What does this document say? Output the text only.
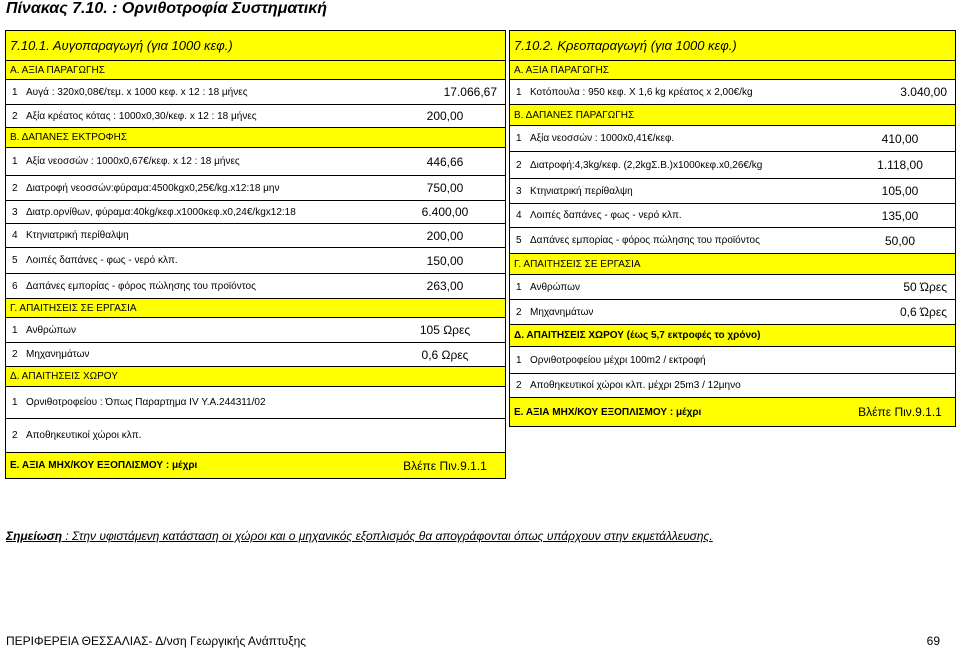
Πίνακας 7.10. : Ορνιθοτροφία Συστηματική
7.10.1. Αυγοπαραγωγή (για 1000 κεφ.)
Α. ΑΞΙΑ ΠΑΡΑΓΩΓΗΣ
1 Αυγά : 320x0,08€/τεμ. x 1000 κεφ. x 12 : 18 μήνες	17.066,67
2 Αξία κρέατος κότας : 1000x0,30/κεφ. x 12 : 18 μήνες	200,00
Β. ΔΑΠΑΝΕΣ ΕΚΤΡΟΦΗΣ
1 Αξία νεοσσών : 1000x0,67€/κεφ. x 12 : 18 μήνες	446,66
2 Διατροφή νεοσσών:φύραμα:4500kgx0,25€/kg.x12:18 μην	750,00
3 Διατρ.ορνίθων, φύραμα:40kg/κεφ.x1000κεφ.x0,24€/kgx12:18	6.400,00
4 Κτηνιατρική περίθαλψη	200,00
5 Λοιπές δαπάνες - φως - νερό κλπ.	150,00
6 Δαπάνες εμπορίας - φόρος πώλησης του προϊόντος	263,00
Γ. ΑΠΑΙΤΗΣΕΙΣ ΣΕ ΕΡΓΑΣΙΑ
1 Ανθρώπων	105 Ωρες
2 Μηχανημάτων	0,6 Ωρες
Δ. ΑΠΑΙΤΗΣΕΙΣ ΧΩΡΟΥ
1 Ορνιθοτροφείου : Όπως Παραρτημα IV Υ.Α.244311/02
2 Αποθηκευτικοί χώροι κλπ.
Ε. ΑΞΙΑ ΜΗΧ/ΚΟΥ ΕΞΟΠΛΙΣΜΟΥ : μέχρι	Βλέπε Πιν.9.1.1
7.10.2. Κρεοπαραγωγή (για 1000 κεφ.)
Α. ΑΞΙΑ ΠΑΡΑΓΩΓΗΣ
1 Κοτόπουλα : 950 κεφ. Χ 1,6 kg κρέατος x 2,00€/kg	3.040,00
Β. ΔΑΠΑΝΕΣ ΠΑΡΑΓΩΓΗΣ
1 Αξία νεοσσών : 1000x0,41€/κεφ.	410,00
2 Διατροφή:4,3kg/κεφ. (2,2kgΣ.Β.)x1000κεφ.x0,26€/kg	1.118,00
3 Κτηνιατρική περίθαλψη	105,00
4 Λοιπές δαπάνες - φως - νερό κλπ.	135,00
5 Δαπάνες εμπορίας - φόρος πώλησης του προϊόντος	50,00
Γ. ΑΠΑΙΤΗΣΕΙΣ ΣΕ ΕΡΓΑΣΙΑ
1 Ανθρώπων	50 Ώρες
2 Μηχανημάτων	0,6 Ώρες
Δ. ΑΠΑΙΤΗΣΕΙΣ ΧΩΡΟΥ (έως 5,7 εκτροφές το χρόνο)
1 Ορνιθοτροφείου μέχρι 100m2 / εκτροφή
2 Αποθηκευτικοί χώροι κλπ. μέχρι 25m3 / 12μηνο
Ε. ΑΞΙΑ ΜΗΧ/ΚΟΥ ΕΞΟΠΛΙΣΜΟΥ : μέχρι	Βλέπε Πιν.9.1.1
Σημείωση : Στην υφιστάμενη κατάσταση οι χώροι και ο μηχανικός εξοπλισμός θα απογράφονται όπως υπάρχουν στην εκμετάλλευσης.
ΠΕΡΙΦΕΡΕΙΑ ΘΕΣΣΑΛΙΑΣ- Δ/νση Γεωργικής Ανάπτυξης	69
